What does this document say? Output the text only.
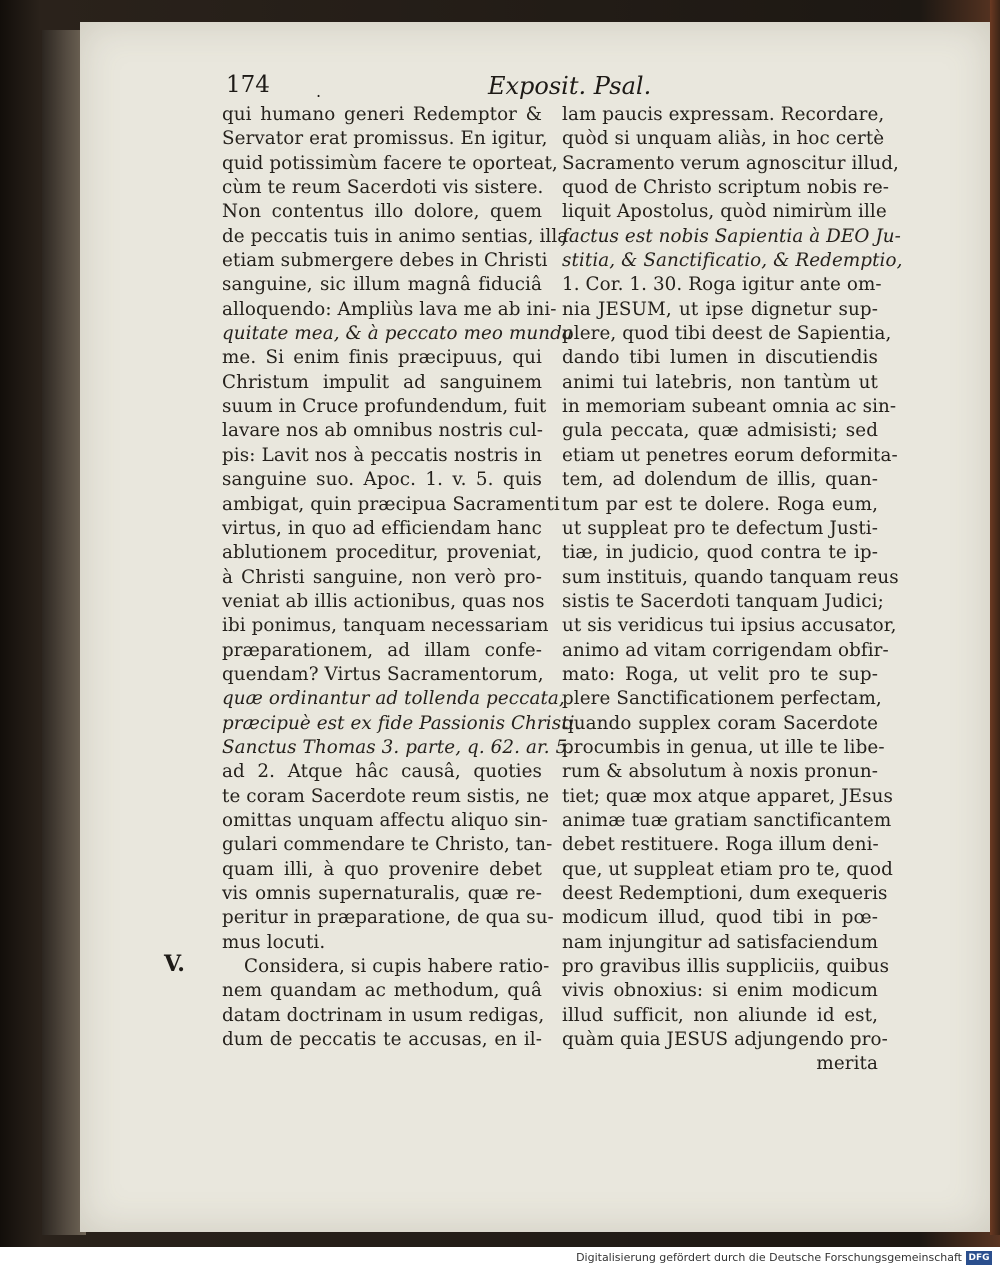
174	.	Exposit. Psal.
qui humano generi Redemptor &
Servator erat promissus. En igitur,
quid potissimùm facere te oporteat,
cùm te reum Sacerdoti vis sistere.
Non contentus illo dolore, quem
de peccatis tuis in animo sentias, illa
etiam submergere debes in Christi
sanguine, sic illum magnâ fiduciâ
alloquendo: Ampliùs lava me ab ini-
quitate mea, & à peccato meo munda
me. Si enim finis præcipuus, qui
Christum impulit ad sanguinem
suum in Cruce profundendum, fuit
lavare nos ab omnibus nostris cul-
pis: Lavit nos à peccatis nostris in
sanguine suo. Apoc. 1. v. 5. quis
ambigat, quin præcipua Sacramenti
virtus, in quo ad efficiendam hanc
ablutionem proceditur, proveniat,
à Christi sanguine, non verò pro-
veniat ab illis actionibus, quas nos
ibi ponimus, tanquam necessariam
præparationem, ad illam confe-
quendam? Virtus Sacramentorum,
quæ ordinantur ad tollenda peccata,
præcipuè est ex fide Passionis Christi.
Sanctus Thomas 3. parte, q. 62. ar. 5.
ad 2. Atque hâc causâ, quoties
te coram Sacerdote reum sistis, ne
omittas unquam affectu aliquo sin-
gulari commendare te Christo, tan-
quam illi, à quo provenire debet
vis omnis supernaturalis, quæ re-
peritur in præparatione, de qua su-
mus locuti.
Considera, si cupis habere ratio-
nem quandam ac methodum, quâ
datam doctrinam in usum redigas,
dum de peccatis te accusas, en il-
lam paucis expressam. Recordare,
quòd si unquam aliàs, in hoc certè
Sacramento verum agnoscitur illud,
quod de Christo scriptum nobis re-
liquit Apostolus, quòd nimirùm ille
factus est nobis Sapientia à DEO Ju-
stitia, & Sanctificatio, & Redemptio,
1. Cor. 1. 30. Roga igitur ante om-
nia JESUM, ut ipse dignetur sup-
plere, quod tibi deest de Sapientia,
dando tibi lumen in discutiendis
animi tui latebris, non tantùm ut
in memoriam subeant omnia ac sin-
gula peccata, quæ admisisti; sed
etiam ut penetres eorum deformita-
tem, ad dolendum de illis, quan-
tum par est te dolere. Roga eum,
ut suppleat pro te defectum Justi-
tiæ, in judicio, quod contra te ip-
sum instituis, quando tanquam reus
sistis te Sacerdoti tanquam Judici;
ut sis veridicus tui ipsius accusator,
animo ad vitam corrigendam obfir-
mato: Roga, ut velit pro te sup-
plere Sanctificationem perfectam,
quando supplex coram Sacerdote
procumbis in genua, ut ille te libe-
rum & absolutum à noxis pronun-
tiet; quæ mox atque apparet, JEsus
animæ tuæ gratiam sanctificantem
debet restituere. Roga illum deni-
que, ut suppleat etiam pro te, quod
deest Redemptioni, dum exequeris
modicum illud, quod tibi in pœ-
nam injungitur ad satisfaciendum
pro gravibus illis suppliciis, quibus
vivis obnoxius: si enim modicum
illud sufficit, non aliunde id est,
quàm quia JESUS adjungendo pro-
merita
V.
Digitalisierung gefördert durch die Deutsche Forschungsgemeinschaft DFG
